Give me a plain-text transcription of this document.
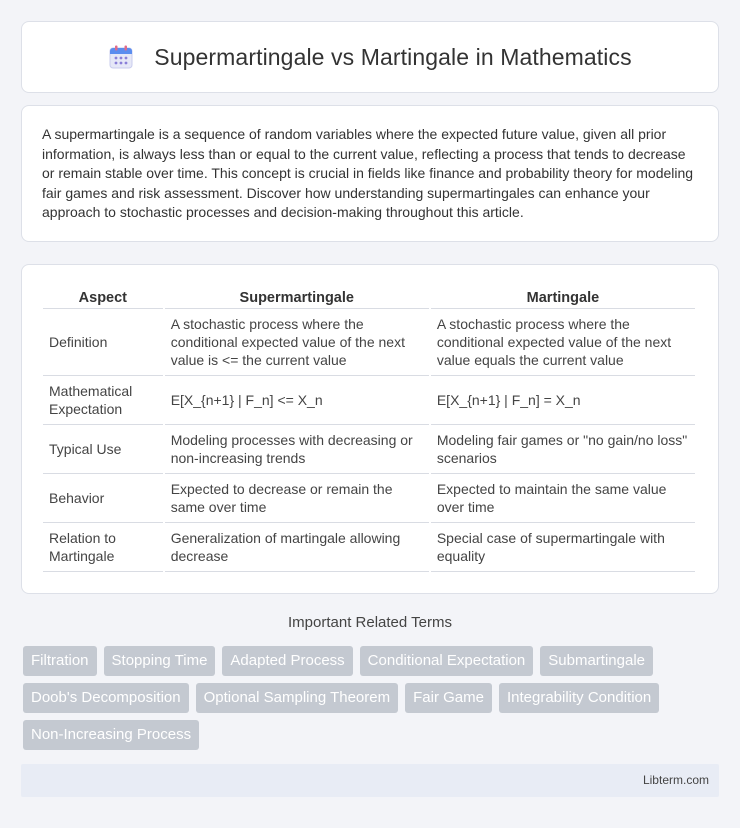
Supermartingale vs Martingale in Mathematics

A supermartingale is a sequence of random variables where the expected future value, given all prior information, is always less than or equal to the current value, reflecting a process that tends to decrease or remain stable over time. This concept is crucial in fields like finance and probability theory for modeling fair games and risk assessment. Discover how understanding supermartingales can enhance your approach to stochastic processes and decision-making throughout this article.

Aspect	Supermartingale	Martingale
Definition	A stochastic process where the conditional expected value of the next value is <= the current value	A stochastic process where the conditional expected value of the next value equals the current value
Mathematical Expectation	E[X_{n+1} | F_n] <= X_n	E[X_{n+1} | F_n] = X_n
Typical Use	Modeling processes with decreasing or non-increasing trends	Modeling fair games or "no gain/no loss" scenarios
Behavior	Expected to decrease or remain the same over time	Expected to maintain the same value over time
Relation to Martingale	Generalization of martingale allowing decrease	Special case of supermartingale with equality
Important Related Terms
Filtration	Stopping Time	Adapted Process	Conditional Expectation	Submartingale
Doob's Decomposition	Optional Sampling Theorem	Fair Game	Integrability Condition
Non-Increasing Process
Libterm.com
